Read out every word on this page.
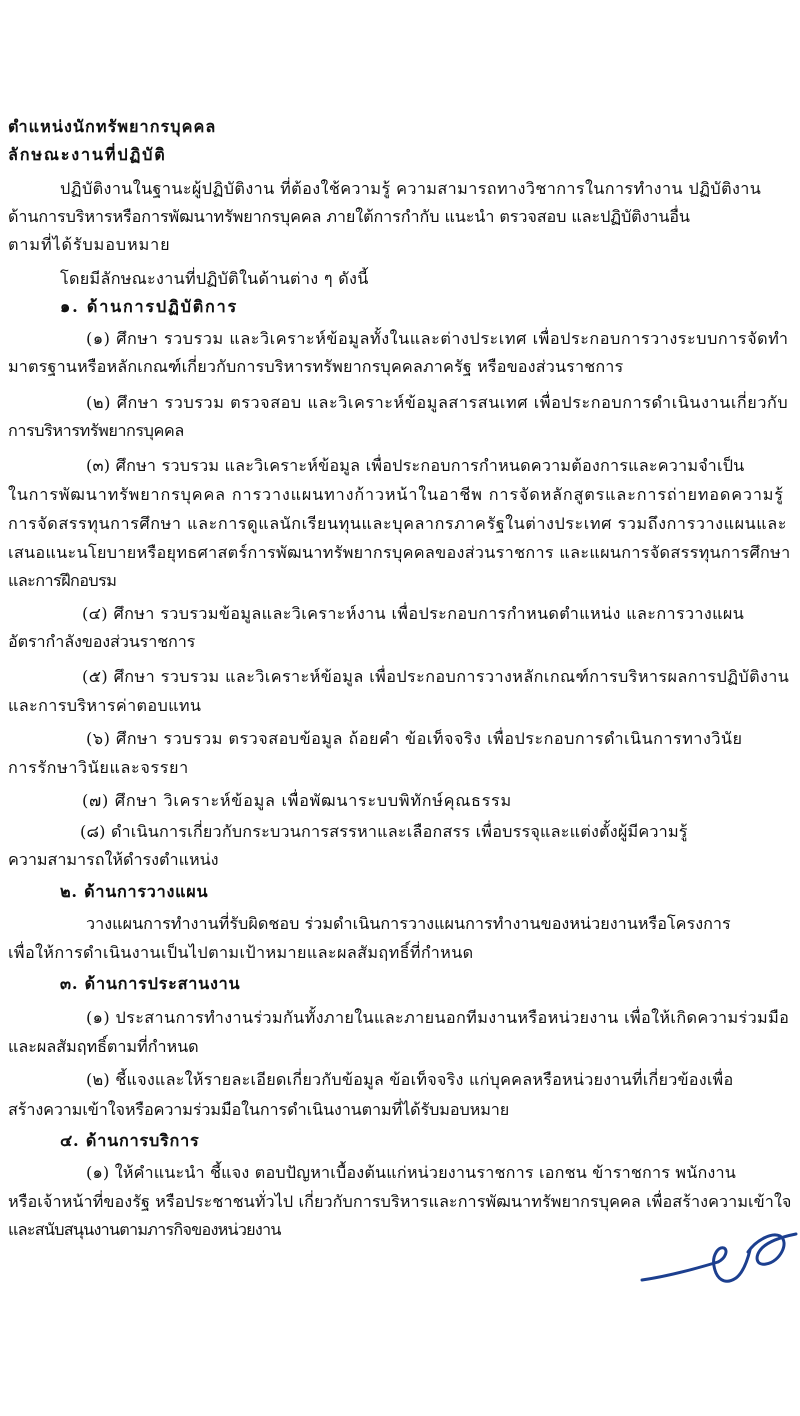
ตำแหน่งนักทรัพยากรบุคคล
ลักษณะงานที่ปฏิบัติ
ปฏิบัติงานในฐานะผู้ปฏิบัติงาน ที่ต้องใช้ความรู้ ความสามารถทางวิชาการในการทำงาน ปฏิบัติงาน
ด้านการบริหารหรือการพัฒนาทรัพยากรบุคคล ภายใต้การกำกับ แนะนำ ตรวจสอบ และปฏิบัติงานอื่น
ตามที่ได้รับมอบหมาย
โดยมีลักษณะงานที่ปฏิบัติในด้านต่าง ๆ ดังนี้
๑. ด้านการปฏิบัติการ
(๑) ศึกษา รวบรวม และวิเคราะห์ข้อมูลทั้งในและต่างประเทศ เพื่อประกอบการวางระบบการจัดทำ
มาตรฐานหรือหลักเกณฑ์เกี่ยวกับการบริหารทรัพยากรบุคคลภาครัฐ หรือของส่วนราชการ
(๒) ศึกษา รวบรวม ตรวจสอบ และวิเคราะห์ข้อมูลสารสนเทศ เพื่อประกอบการดำเนินงานเกี่ยวกับ
การบริหารทรัพยากรบุคคล
(๓) ศึกษา รวบรวม และวิเคราะห์ข้อมูล เพื่อประกอบการกำหนดความต้องการและความจำเป็น
ในการพัฒนาทรัพยากรบุคคล การวางแผนทางก้าวหน้าในอาชีพ การจัดหลักสูตรและการถ่ายทอดความรู้
การจัดสรรทุนการศึกษา และการดูแลนักเรียนทุนและบุคลากรภาครัฐในต่างประเทศ รวมถึงการวางแผนและ
เสนอแนะนโยบายหรือยุทธศาสตร์การพัฒนาทรัพยากรบุคคลของส่วนราชการ และแผนการจัดสรรทุนการศึกษา
และการฝึกอบรม
(๔) ศึกษา รวบรวมข้อมูลและวิเคราะห์งาน เพื่อประกอบการกำหนดตำแหน่ง และการวางแผน
อัตรากำลังของส่วนราชการ
(๕) ศึกษา รวบรวม และวิเคราะห์ข้อมูล เพื่อประกอบการวางหลักเกณฑ์การบริหารผลการปฏิบัติงาน
และการบริหารค่าตอบแทน
(๖) ศึกษา รวบรวม ตรวจสอบข้อมูล ถ้อยคำ ข้อเท็จจริง เพื่อประกอบการดำเนินการทางวินัย
การรักษาวินัยและจรรยา
(๗) ศึกษา วิเคราะห์ข้อมูล เพื่อพัฒนาระบบพิทักษ์คุณธรรม
(๘) ดำเนินการเกี่ยวกับกระบวนการสรรหาและเลือกสรร เพื่อบรรจุและแต่งตั้งผู้มีความรู้
ความสามารถให้ดำรงตำแหน่ง
๒. ด้านการวางแผน
วางแผนการทำงานที่รับผิดชอบ ร่วมดำเนินการวางแผนการทำงานของหน่วยงานหรือโครงการ
เพื่อให้การดำเนินงานเป็นไปตามเป้าหมายและผลสัมฤทธิ์ที่กำหนด
๓. ด้านการประสานงาน
(๑) ประสานการทำงานร่วมกันทั้งภายในและภายนอกทีมงานหรือหน่วยงาน เพื่อให้เกิดความร่วมมือ
และผลสัมฤทธิ์ตามที่กำหนด
(๒) ชี้แจงและให้รายละเอียดเกี่ยวกับข้อมูล ข้อเท็จจริง แก่บุคคลหรือหน่วยงานที่เกี่ยวข้องเพื่อ
สร้างความเข้าใจหรือความร่วมมือในการดำเนินงานตามที่ได้รับมอบหมาย
๔. ด้านการบริการ
(๑) ให้คำแนะนำ ชี้แจง ตอบปัญหาเบื้องต้นแก่หน่วยงานราชการ เอกชน ข้าราชการ พนักงาน
หรือเจ้าหน้าที่ของรัฐ หรือประชาชนทั่วไป เกี่ยวกับการบริหารและการพัฒนาทรัพยากรบุคคล เพื่อสร้างความเข้าใจ
และสนับสนุนงานตามภารกิจของหน่วยงาน
